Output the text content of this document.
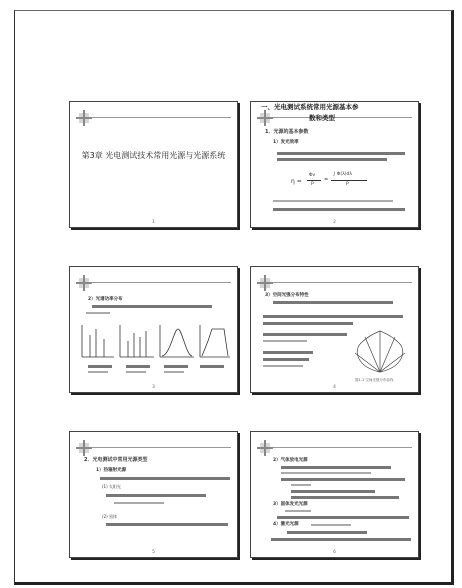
第3章 光电测试技术常用光源与光源系统
1
一、光电测试系统常用光源基本参
数和类型
1．光源的基本参数
1）发光效率
η =
Φv
P
=
∫ Φ(λ)dλ
P
2
2）光谱功率分布
3
3）空间光强分布特性
图1-1 空间光强分布曲线
4
2．光电测试中常用光源类型
1）热辐射光源
(1) 太阳光
(2) 黑体
5
2）气体放电光源
3）固体发光光源
4）激光光源
6
